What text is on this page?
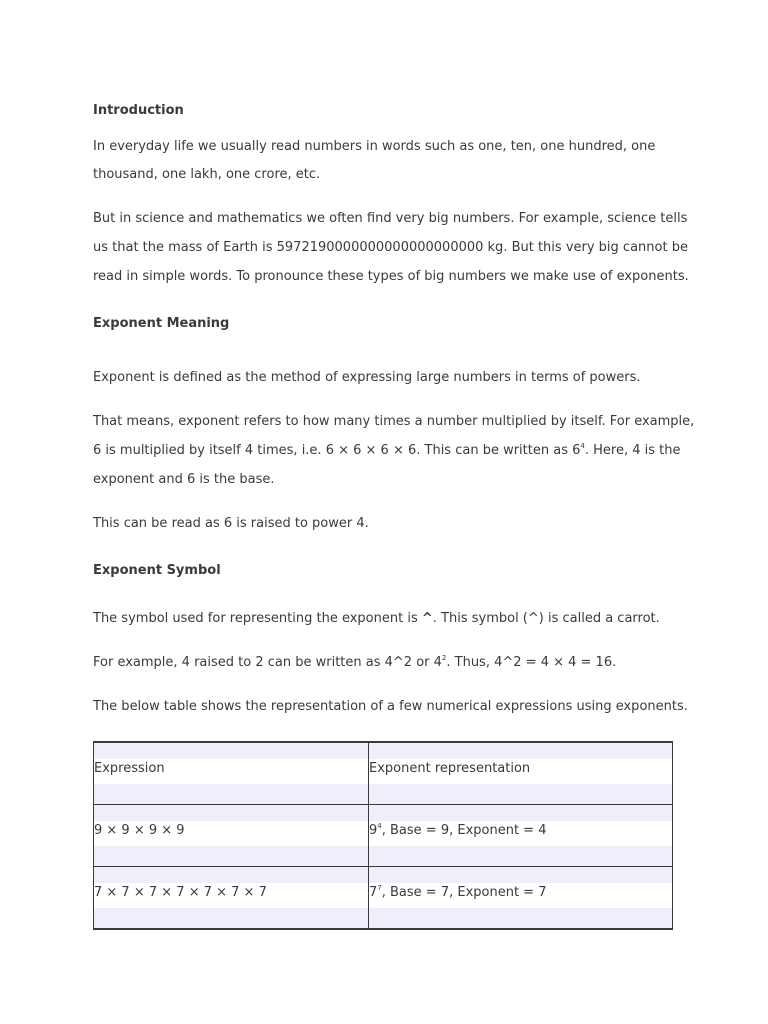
Introduction
In everyday life we usually read numbers in words such as one, ten, one hundred, one
thousand, one lakh, one crore, etc.
But in science and mathematics we often find very big numbers. For example, science tells
us that the mass of Earth is 5972190000000000000000000 kg. But this very big cannot be
read in simple words. To pronounce these types of big numbers we make use of exponents.
Exponent Meaning
Exponent is defined as the method of expressing large numbers in terms of powers.
That means, exponent refers to how many times a number multiplied by itself. For example,
6 is multiplied by itself 4 times, i.e. 6 × 6 × 6 × 6. This can be written as $6^4$. Here, 4 is the
exponent and 6 is the base.
This can be read as 6 is raised to power 4.
Exponent Symbol
The symbol used for representing the exponent is ^. This symbol (^) is called a carrot.
For example, 4 raised to 2 can be written as 4^2 or $4^2$. Thus, 4^2 = 4 × 4 = 16.
The below table shows the representation of a few numerical expressions using exponents.
Expression	Exponent representation

9 × 9 × 9 × 9	$9^4$, Base = 9, Exponent = 4

7 × 7 × 7 × 7 × 7 × 7 × 7	$7^7$, Base = 7, Exponent = 7
